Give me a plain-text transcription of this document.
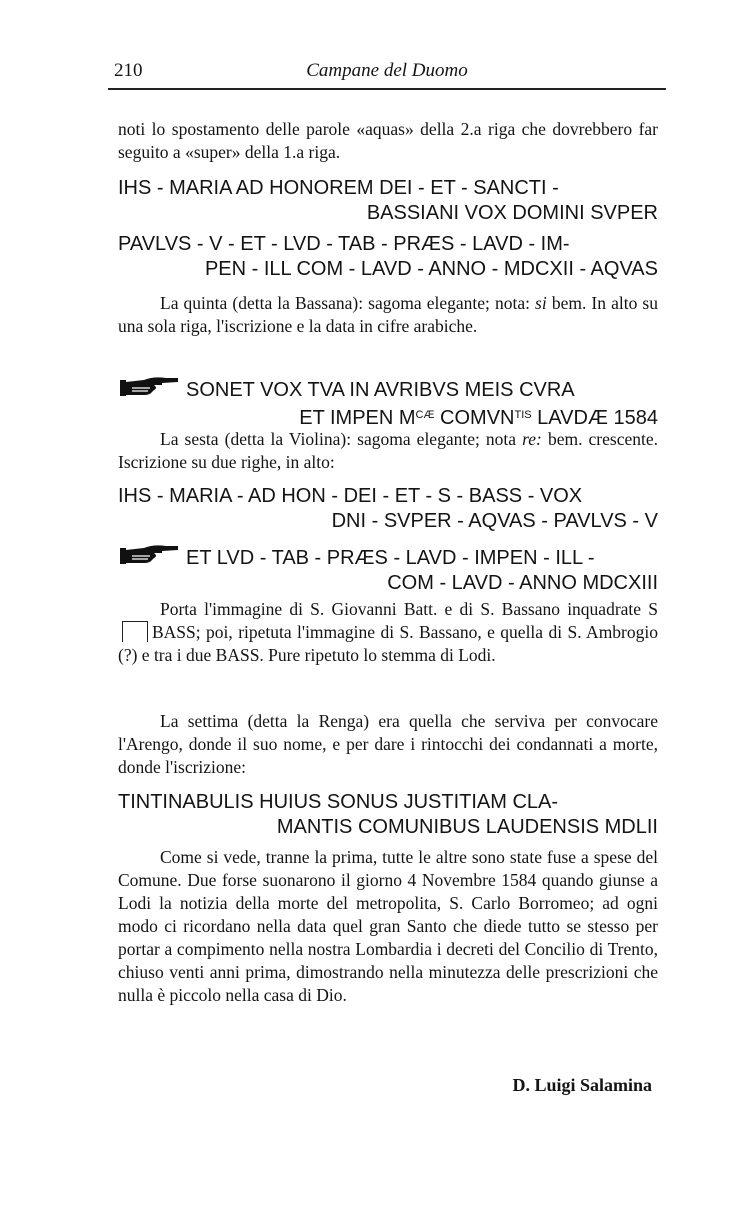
210	Campane del Duomo
noti lo spostamento delle parole «aquas» della 2.a riga che dovrebbero far seguito a «super» della 1.a riga.
IHS - MARIA AD HONOREM DEI - ET - SANCTI -
BASSIANI VOX DOMINI SVPER
PAVLVS - V - ET - LVD - TAB - PRÆS - LAVD - IM-
PEN - ILL COM - LAVD - ANNO - MDCXII - AQVAS
La quinta (detta la Bassana): sagoma elegante; nota: si bem. In alto su una sola riga, l'iscrizione e la data in cifre arabiche.
SONET VOX TVA IN AVRIBVS MEIS CVRA
ET IMPEN $M^{CÆ}$ $COMVN^{TIS}$ LAVDÆ 1584
La sesta (detta la Violina): sagoma elegante; nota re: bem. crescente. Iscrizione su due righe, in alto:
IHS - MARIA - AD HON - DEI - ET - S - BASS - VOX
DNI - SVPER - AQVAS - PAVLVS - V
ET LVD - TAB - PRÆS - LAVD - IMPEN - ILL -
COM - LAVD - ANNO MDCXIII
Porta l'immagine di S. Giovanni Batt. e di S. Bassano inquadrate SBASS; poi, ripetuta l'immagine di S. Bassano, e quella di S. Ambrogio (?) e tra i due BASS. Pure ripetuto lo stemma di Lodi.
La settima (detta la Renga) era quella che serviva per convocare l'Arengo, donde il suo nome, e per dare i rintocchi dei condannati a morte, donde l'iscrizione:
TINTINABULIS HUIUS SONUS JUSTITIAM CLA-
MANTIS COMUNIBUS LAUDENSIS MDLII
Come si vede, tranne la prima, tutte le altre sono state fuse a spese del Comune. Due forse suonarono il giorno 4 Novembre 1584 quando giunse a Lodi la notizia della morte del metropolita, S. Carlo Borromeo; ad ogni modo ci ricordano nella data quel gran Santo che diede tutto se stesso per portar a compimento nella nostra Lombardia i decreti del Concilio di Trento, chiuso venti anni prima, dimostrando nella minutezza delle prescrizioni che nulla è piccolo nella casa di Dio.
D. Luigi Salamina
